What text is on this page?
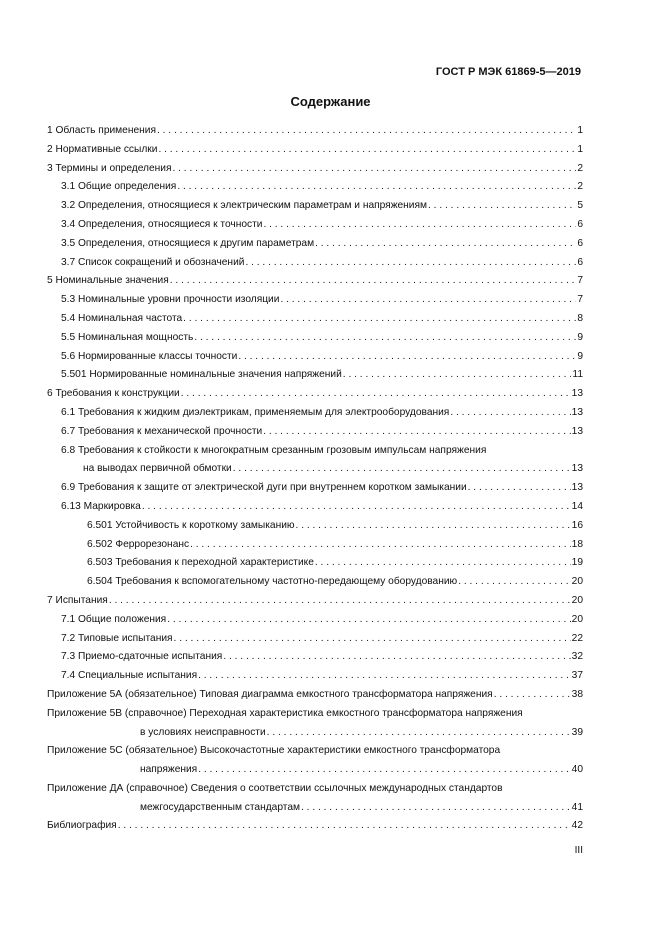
ГОСТ Р МЭК 61869-5—2019
Содержание
1 Область применения . . .	1
2 Нормативные ссылки . . .	1
3 Термины и определения . . .	2
3.1 Общие определения . . .	2
3.2 Определения, относящиеся к электрическим параметрам и напряжениям . . .	5
3.4 Определения, относящиеся к точности . . .	6
3.5 Определения, относящиеся к другим параметрам . . .	6
3.7 Список сокращений и обозначений . . .	6
5 Номинальные значения . . .	7
5.3 Номинальные уровни прочности изоляции . . .	7
5.4 Номинальная частота . . .	8
5.5 Номинальная мощность . . .	9
5.6 Нормированные классы точности . . .	9
5.501 Нормированные номинальные значения напряжений . . .	11
6 Требования к конструкции . . .	13
6.1 Требования к жидким диэлектрикам, применяемым для электрооборудования . . .	13
6.7 Требования к механической прочности . . .	13
6.8 Требования к стойкости к многократным срезанным грозовым импульсам напряжения
на выводах первичной обмотки . . .	13
6.9 Требования к защите от электрической дуги при внутреннем коротком замыкании . . .	13
6.13 Маркировка . . .	14
6.501 Устойчивость к короткому замыканию . . .	16
6.502 Феррорезонанс . . .	18
6.503 Требования к переходной характеристике . . .	19
6.504 Требования к вспомогательному частотно-передающему оборудованию . . .	20
7 Испытания . . .	20
7.1 Общие положения . . .	20
7.2 Типовые испытания . . .	22
7.3 Приемо-сдаточные испытания . . .	32
7.4 Специальные испытания . . .	37
Приложение 5А (обязательное) Типовая диаграмма емкостного трансформатора напряжения . . .	38
Приложение 5В (справочное) Переходная характеристика емкостного трансформатора напряжения
в условиях неисправности . . .	39
Приложение 5С (обязательное) Высокочастотные характеристики емкостного трансформатора
напряжения . . .	40
Приложение ДА (справочное) Сведения о соответствии ссылочных международных стандартов
межгосударственным стандартам . . .	41
Библиография . . .	42
III
